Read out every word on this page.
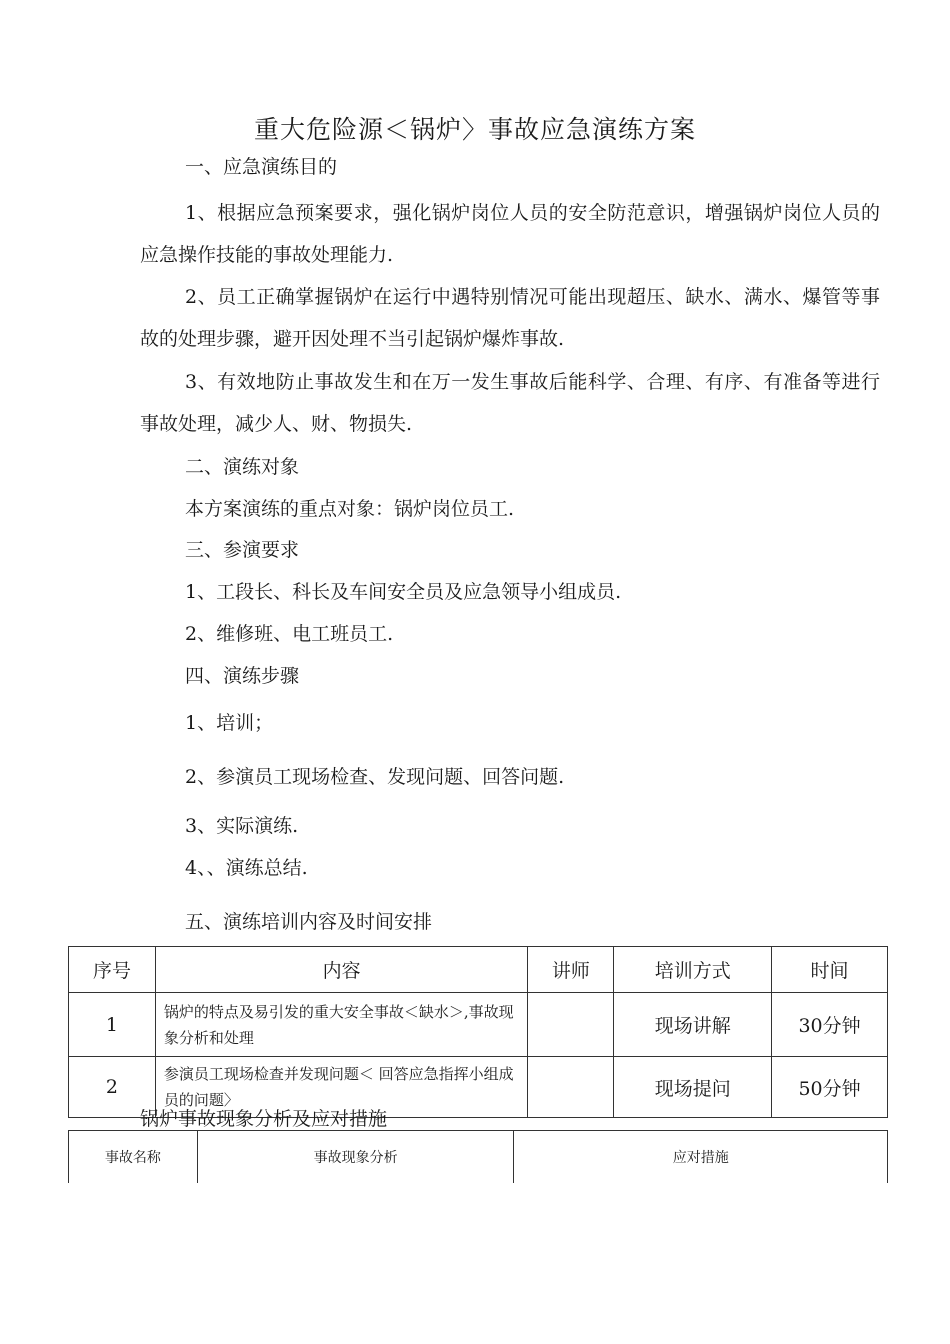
重大危险源＜锅炉〉事故应急演练方案
一、应急演练目的
1、根据应急预案要求，强化锅炉岗位人员的安全防范意识，增强锅炉岗位人员的应急操作技能的事故处理能力.
2、员工正确掌握锅炉在运行中遇特别情况可能出现超压、缺水、满水、爆管等事故的处理步骤，避开因处理不当引起锅炉爆炸事故.
3、有效地防止事故发生和在万一发生事故后能科学、合理、有序、有准备等进行事故处理，减少人、财、物损失.
二、演练对象
本方案演练的重点对象：锅炉岗位员工.
三、参演要求
1、工段长、科长及车间安全员及应急领导小组成员.
2、维修班、电工班员工.
四、演练步骤
1、培训；
2、参演员工现场检查、发现问题、回答问题.
3、实际演练.
4、、演练总结.
五、演练培训内容及时间安排
序号	内容	讲师	培训方式	时间
1	锅炉的特点及易引发的重大安全事故＜缺水＞,事故现象分析和处理		现场讲解	30分钟
2	参演员工现场检查并发现问题＜ 回答应急指挥小组成员的问题〉		现场提问	50分钟
锅炉事故现象分析及应对措施
事故名称	事故现象分析	应对措施
